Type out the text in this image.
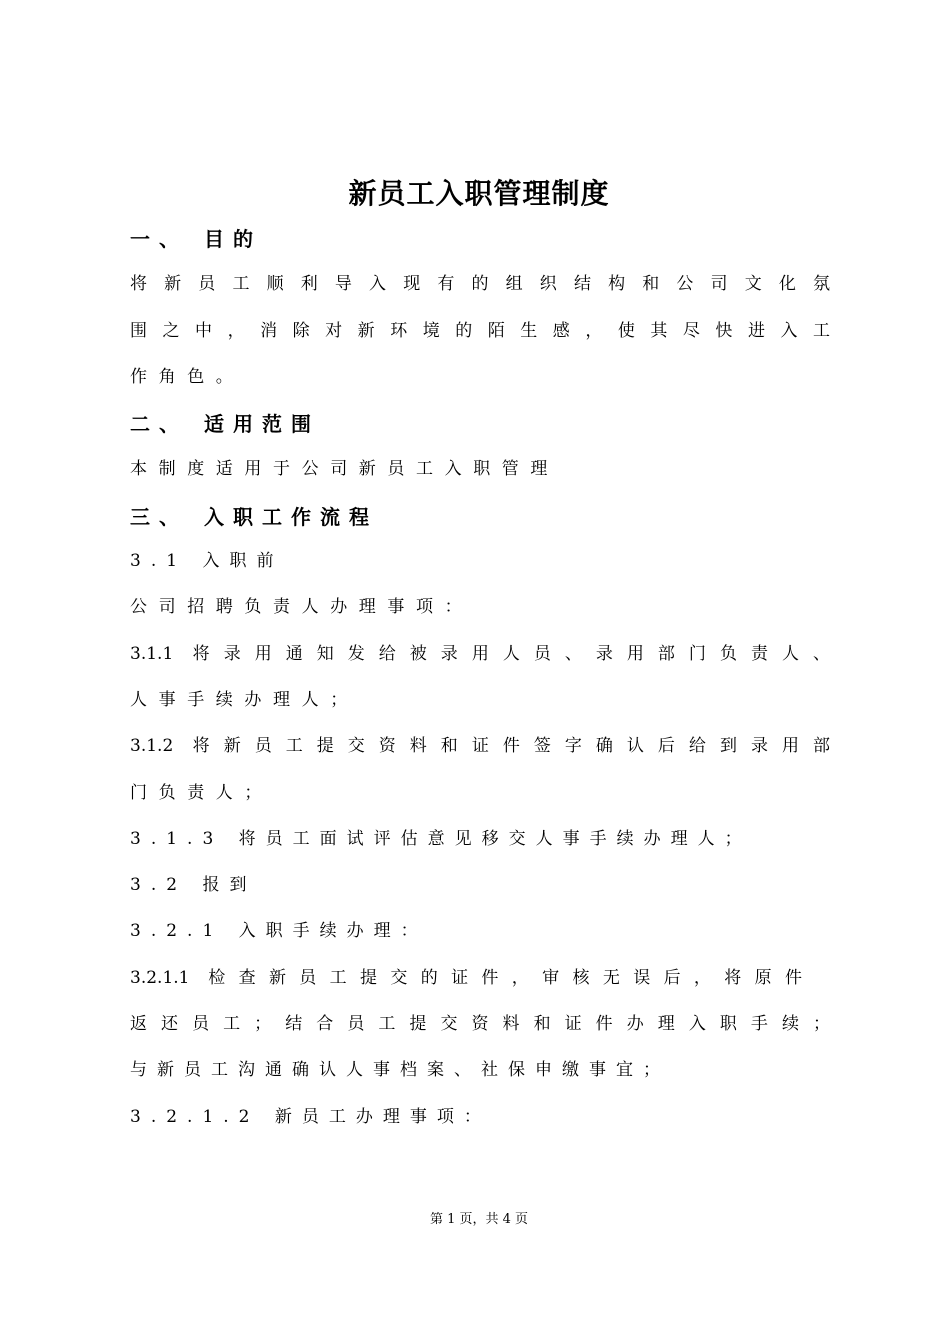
新员工入职管理制度
一、 目的
将新员工顺利导入现有的组织结构和公司文化氛
围之中，消除对新环境的陌生感，使其尽快进入工
作角色。
二、 适用范围
本制度适用于公司新员工入职管理
三、 入职工作流程
3.1 入职前
公司招聘负责人办理事项：
3.1.1 将录用通知发给被录用人员、录用部门负责人、
人事手续办理人；
3.1.2 将新员工提交资料和证件签字确认后给到录用部
门负责人；
3.1.3 将员工面试评估意见移交人事手续办理人；
3.2 报到
3.2.1 入职手续办理：
3.2.1.1 检查新员工提交的证件，审核无误后，将原件
返还员工；结合员工提交资料和证件办理入职手续；
与新员工沟通确认人事档案、社保申缴事宜；
3.2.1.2 新员工办理事项：
第 1 页，共 4 页
